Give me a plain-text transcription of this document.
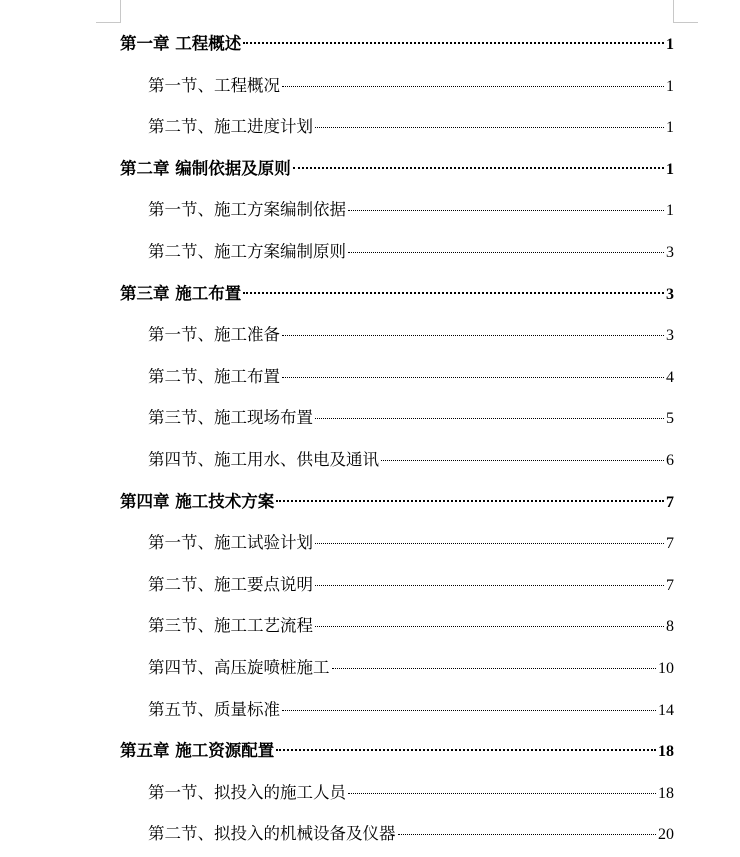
第一章 工程概述	1
第一节、工程概况	1
第二节、施工进度计划	1
第二章 编制依据及原则	1
第一节、施工方案编制依据	1
第二节、施工方案编制原则	3
第三章 施工布置	3
第一节、施工准备	3
第二节、施工布置	4
第三节、施工现场布置	5
第四节、施工用水、供电及通讯	6
第四章 施工技术方案	7
第一节、施工试验计划	7
第二节、施工要点说明	7
第三节、施工工艺流程	8
第四节、高压旋喷桩施工	10
第五节、质量标准	14
第五章 施工资源配置	18
第一节、拟投入的施工人员	18
第二节、拟投入的机械设备及仪器	20
